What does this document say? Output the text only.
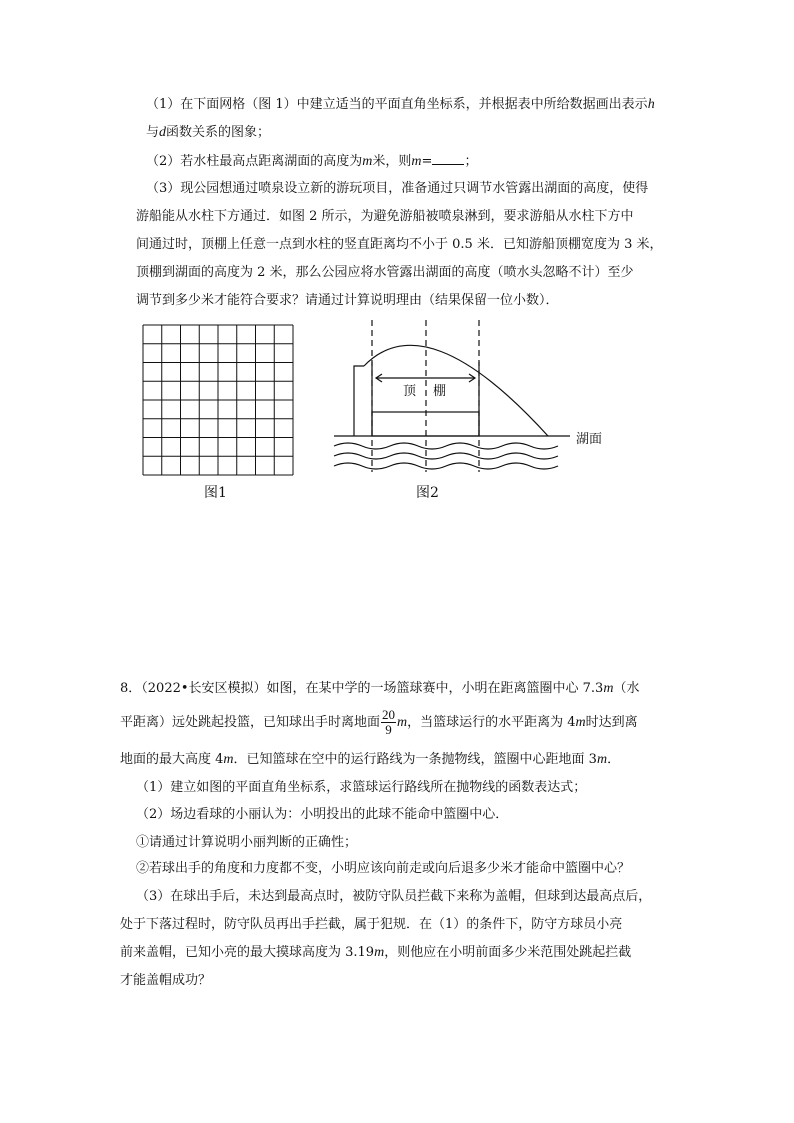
（1）在下面网格（图 1）中建立适当的平面直角坐标系，并根据表中所给数据画出表示h
与d函数关系的图象；
（2）若水柱最高点距离湖面的高度为m米，则m= ；
（3）现公园想通过喷泉设立新的游玩项目，准备通过只调节水管露出湖面的高度，使得
游船能从水柱下方通过．如图 2 所示，为避免游船被喷泉淋到，要求游船从水柱下方中
间通过时，顶棚上任意一点到水柱的竖直距离均不小于 0.5 米．已知游船顶棚宽度为 3 米，
顶棚到湖面的高度为 2 米，那么公园应将水管露出湖面的高度（喷水头忽略不计）至少
调节到多少米才能符合要求？请通过计算说明理由（结果保留一位小数）．
图1
顶 棚
湖面
图2
8．（2022•长安区模拟）如图，在某中学的一场篮球赛中，小明在距离篮圈中心 7.3m（水
平距离）远处跳起投篮，已知球出手时离地面 $\frac{20}{9}$ m，当篮球运行的水平距离为 4m时达到离
地面的最大高度 4m．已知篮球在空中的运行路线为一条抛物线，篮圈中心距地面 3m．
（1）建立如图的平面直角坐标系，求篮球运行路线所在抛物线的函数表达式；
（2）场边看球的小丽认为：小明投出的此球不能命中篮圈中心．
①请通过计算说明小丽判断的正确性；
②若球出手的角度和力度都不变，小明应该向前走或向后退多少米才能命中篮圈中心？
（3）在球出手后，未达到最高点时，被防守队员拦截下来称为盖帽，但球到达最高点后，
处于下落过程时，防守队员再出手拦截，属于犯规．在（1）的条件下，防守方球员小亮
前来盖帽，已知小亮的最大摸球高度为 3.19m，则他应在小明前面多少米范围处跳起拦截
才能盖帽成功？
